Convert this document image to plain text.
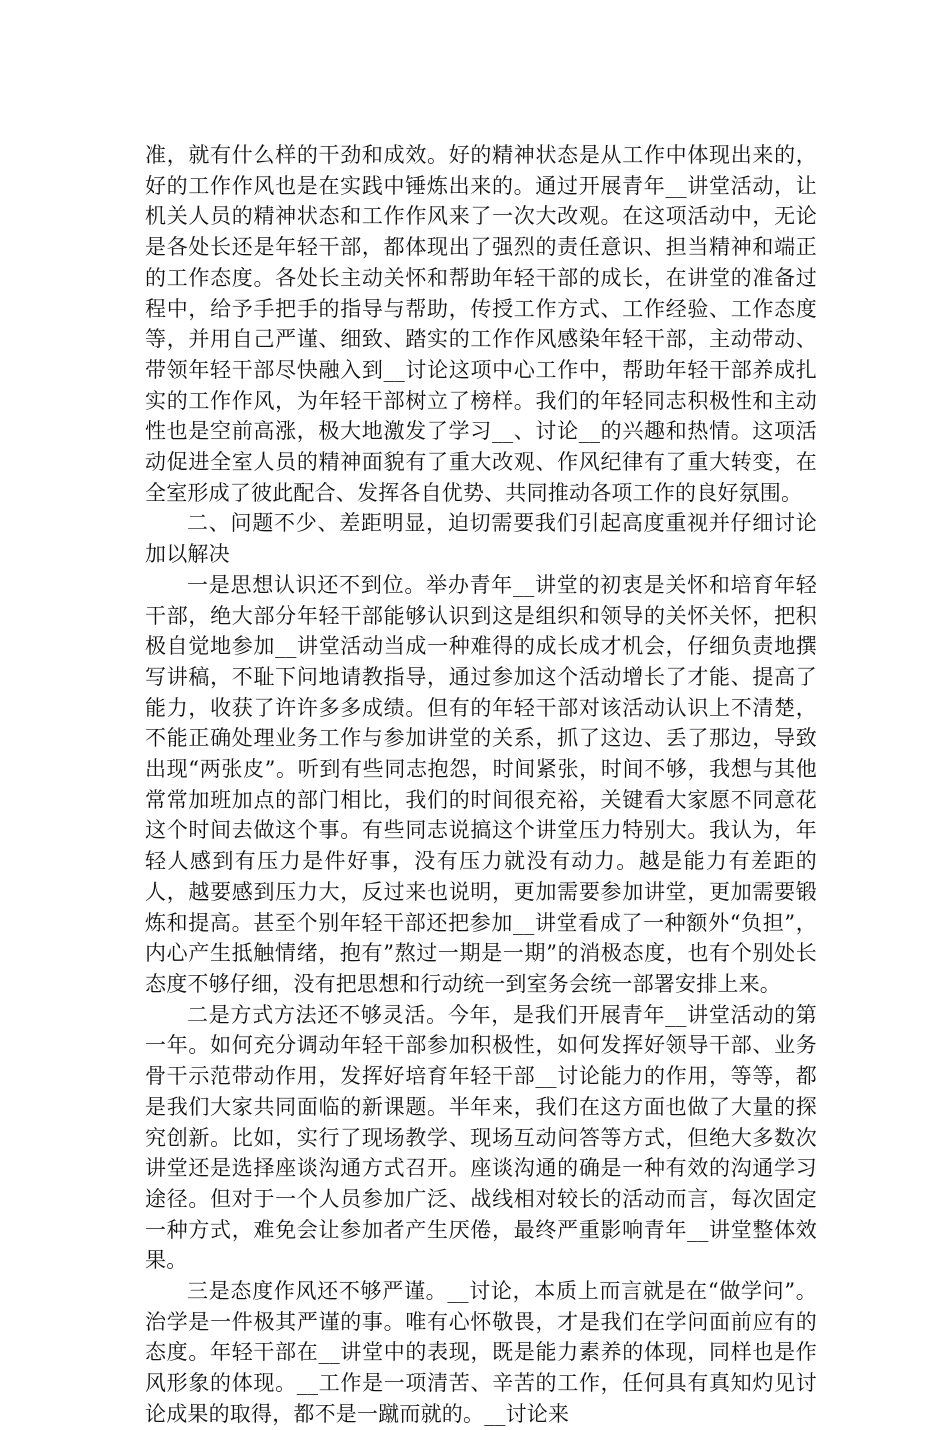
准，就有什么样的干劲和成效。好的精神状态是从工作中体现出来的，好的工作作风也是在实践中锤炼出来的。通过开展青年__讲堂活动，让机关人员的精神状态和工作作风来了一次大改观。在这项活动中，无论是各处长还是年轻干部，都体现出了强烈的责任意识、担当精神和端正的工作态度。各处长主动关怀和帮助年轻干部的成长，在讲堂的准备过程中，给予手把手的指导与帮助，传授工作方式、工作经验、工作态度等，并用自己严谨、细致、踏实的工作作风感染年轻干部，主动带动、带领年轻干部尽快融入到__讨论这项中心工作中，帮助年轻干部养成扎实的工作作风，为年轻干部树立了榜样。我们的年轻同志积极性和主动性也是空前高涨，极大地激发了学习__、讨论__的兴趣和热情。这项活动促进全室人员的精神面貌有了重大改观、作风纪律有了重大转变，在全室形成了彼此配合、发挥各自优势、共同推动各项工作的良好氛围。

二、问题不少、差距明显，迫切需要我们引起高度重视并仔细讨论加以解决

一是思想认识还不到位。举办青年__讲堂的初衷是关怀和培育年轻干部，绝大部分年轻干部能够认识到这是组织和领导的关怀关怀，把积极自觉地参加__讲堂活动当成一种难得的成长成才机会，仔细负责地撰写讲稿，不耻下问地请教指导，通过参加这个活动增长了才能、提高了能力，收获了许许多多成绩。但有的年轻干部对该活动认识上不清楚，不能正确处理业务工作与参加讲堂的关系，抓了这边、丢了那边，导致出现“两张皮”。听到有些同志抱怨，时间紧张，时间不够，我想与其他常常加班加点的部门相比，我们的时间很充裕，关键看大家愿不同意花这个时间去做这个事。有些同志说搞这个讲堂压力特别大。我认为，年轻人感到有压力是件好事，没有压力就没有动力。越是能力有差距的人，越要感到压力大，反过来也说明，更加需要参加讲堂，更加需要锻炼和提高。甚至个别年轻干部还把参加__讲堂看成了一种额外“负担”，内心产生抵触情绪，抱有”熬过一期是一期”的消极态度，也有个别处长态度不够仔细，没有把思想和行动统一到室务会统一部署安排上来。

二是方式方法还不够灵活。今年，是我们开展青年__讲堂活动的第一年。如何充分调动年轻干部参加积极性，如何发挥好领导干部、业务骨干示范带动作用，发挥好培育年轻干部__讨论能力的作用，等等，都是我们大家共同面临的新课题。半年来，我们在这方面也做了大量的探究创新。比如，实行了现场教学、现场互动问答等方式，但绝大多数次讲堂还是选择座谈沟通方式召开。座谈沟通的确是一种有效的沟通学习途径。但对于一个人员参加广泛、战线相对较长的活动而言，每次固定一种方式，难免会让参加者产生厌倦，最终严重影响青年__讲堂整体效果。

三是态度作风还不够严谨。__讨论，本质上而言就是在“做学问”。治学是一件极其严谨的事。唯有心怀敬畏，才是我们在学问面前应有的态度。年轻干部在__讲堂中的表现，既是能力素养的体现，同样也是作风形象的体现。__工作是一项清苦、辛苦的工作，任何具有真知灼见讨论成果的取得，都不是一蹴而就的。__讨论来
